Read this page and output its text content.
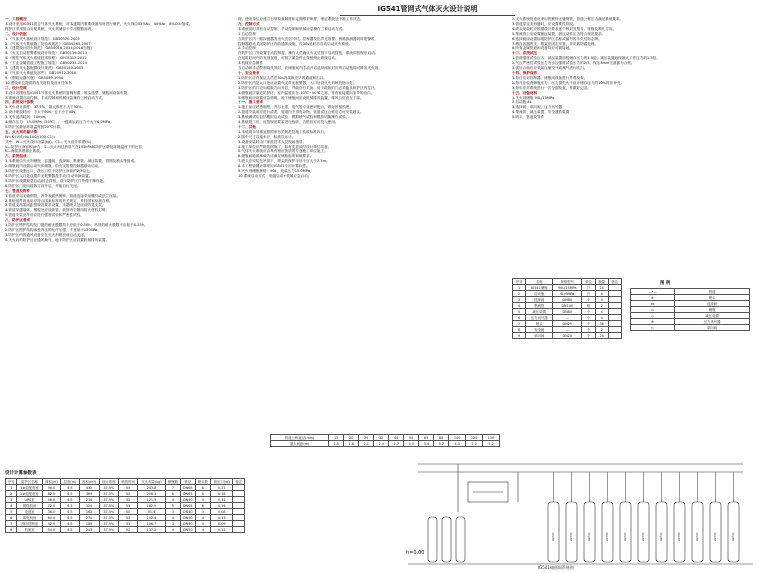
IG541管网式气体灭火设计说明
一、工程概况
本设计采用IG541混合气体灭火系统，对本建筑内重要设备用房进行保护。灭火剂由52%N₂、40%Ar、8%CO₂组成。
保护区采用组合分配系统，灭火剂储存于专用钢瓶间内。
二、设计依据
1.《气体灭火系统设计规范》 GB50370-2005
2.《气体灭火系统施工及验收规范》 GB50263-2007
3.《建筑设计防火规范》 GB50016-2014(2018年版)
4.《火灾自动报警系统设计规范》 GB50116-2013
5.《惰性气体灭火系统技术规程》 CECS312:2012
6.《工业金属管道工程施工规范》 GB50235-2010
7.《建筑灭火器配置设计规范》 GB50140-2005
8.《气体灭火系统及部件》 GB25972-2010
9.《钢质无缝气瓶》 GB5099-1994
10.建设单位提供的有关资料及设计任务书
三、设计范围
本设计范围包括IG541气体灭火系统的管网布置、喷头选型、储瓶间设备布置。
本系统设置自动控制、手动控制和机械应急操作三种启动方式。
四、系统设计参数
1.灭火设计浓度：37.5%；最大浓度不大于52%。
2.设计喷放时间：不大于60s，且不小于48s。
3.灭火浸渍时间：10min。
4.储存压力：15.0MPa（20℃）；一级减压后压力不大于6.0MPa。
5.防护区最低环境温度按20℃计算。
五、灭火剂用量计算
W=K·(V/S)·ln(100/(100-C1))
式中：W—灭火设计用量(kg)；C1—灭火设计浓度(%)；
V—防护区净容积(m³)；S—灭火剂过热蒸气在101kPa和防护区最低环境温度下的比容；
K—海拔高度修正系数。
六、系统组成
1.本系统由灭火剂储瓶、容器阀、选择阀、集流管、减压装置、管网及喷头等组成。
2.储瓶间内设置启动气体储瓶，由火灾报警控制器联动启动。
3.防护区设泄压口，泄压口位于防护区净高的2/3以上。
4.防护区入口处设置声光报警器及手动/自动转换装置。
5.防护区设置紧急启动/停止按钮，设于防护区门外便于操作处。
6.防护区门应向疏散方向开启，并能自行关闭。
七、管道及附件
1.管道采用无缝钢管，内外表面热镀锌；管道连接采用螺纹或法兰连接。
2.系统组件的选用应符合国家标准的有关规定，并经国家检测合格。
3.管道支吊架间距按规范要求设置，末端喷头处应设防晃支架。
4.管道穿越墙体、楼板处应设套管，套管内空隙用防火材料封堵。
5.管道安装完毕后应进行强度试验和严密性试验。
八、防护区要求
1.防护区围护结构及门窗的耐火极限均不应低于0.50h；吊顶的耐火极限不应低于0.25h。
2.防护区围护结构承受内压的允许压强，不宜低于1200Pa。
3.防护区内的通风设备应在灭火剂喷放前自动关闭。
4.灭火后的防护区应通风换气，地下防护区应设置机械排风装置。
理，使用单位应建立日常检查制度和定期维护制度，保证系统处于准工作状态。
九、控制方式
本系统同时具有自动控制、手动控制和机械应急操作三种启动方式。
1.自动控制
当防护区内一路探测器发出火灾信号时，控制器发出声光报警；两路探测器同时报警时，
控制器联动关闭防护区内的通风设施，经30s延时后自动启动灭火系统。
2.手动控制
在防护区门外设置手动控制盒，操作人员确认火灾后按下启动按钮，系统即按程序启动。
在延时时间内若发现误报，可按下紧急停止按钮终止系统启动。
3.机械应急操作
当自动和手动控制均失效时，在储瓶间内手动开启选择阀和对应的启动瓶即可释放灭火剂。
十、安全要求
1.防护区应有保证人员在30s内疏散完毕的通道和出口。
2.防护区内及入口处应设置火灾声光报警器，入口处设灭火剂喷放指示灯。
3.防护区的门应向疏散方向开启，并能自行关闭；用于疏散的门必须能从防护区内打开。
4.储瓶间应靠近防护区，室内温度应在-10℃~50℃之间，并有直接通向室外的出口。
5.储瓶间应设置应急照明，地下储瓶间应设机械排风装置，排风口应设在下部。
十一、施工要求
1.施工前应熟悉图纸，并与土建、电气等专业密切配合，做好预留预埋。
2.管道安装前应进行清洗，管道内不得有杂物；管道试压合格后方可安装喷头。
3.系统调试应包括模拟启动试验、模拟喷气试验和模拟切换操作试验。
4.系统竣工后，应按规范要求进行验收，合格后方可投入使用。
十二、其他
1.本说明未尽事宜按国家有关规范及施工验收标准执行。
2.图中尺寸以毫米计，标高以米计。
3.设备安装时由厂家派技术人员现场指导。
4.施工单位应严格按图施工，如有变更须经设计单位同意。
5.气体灭火系统应由具有相应资质的专业施工单位施工。
6.储瓶间地面承载力应满足储瓶组的荷载要求。
7.喷头应安装在吊顶下，喷头的保护半径不应大于7.5m。
8.本工程管网计算采用IG541专用计算软件。
9.灭火剂储瓶规格：90L，充装压力15.0MPa。
10.系统启动方式：电磁启动+机械应急启动。
2.灭火系统管道应采用热镀锌无缝钢管，管道公称压力满足系统要求。
3.管道穿过变形缝时，应设置柔性管段。
4.喷头安装时应根据设计要求逐个核对其型号、规格及喷孔方向。
5.集流管上应设置泄压装置，泄压动作压力符合规范要求。
6.选择阀应设置标明防护区名称或编号的永久性标志牌。
7.储存容器的支、框架应固定牢靠，并应做防腐处理。
8.所有金属管道和设备均应可靠接地。
十三、系统试压
1.管道强度试验压力：减压装置前按储存压力的1.5倍，减压装置后按最大工作压力的1.5倍。
2.气压严密性试验压力为水压强度试验压力的2/3，保压3min无泄漏为合格。
3.试压合格后应采用压缩空气或氮气进行吹扫。
十四、维护保养
1.每日应对控制器、储瓶间设备进行外观检查。
2.每月应检查储瓶压力，压力损失大于设计储存压力的10%时应补充。
3.每年应对系统进行一次全面检查，并做好记录。
十五、设备材料
1.灭火剂储瓶 90L/15MPa
2.启动瓶 4L
3.选择阀、单向阀、压力讯号器
4.集流管、减压装置、安全泄放装置
5.喷头、管道及管件
管道公称直径(mm)	15	20	25	32	40	50	65	80	100	125	150
最大间距(m)	1.5	1.8	2.1	2.4	2.7	3.0	3.4	3.7	4.3	5.0	5.2
序号	名称	规格型号	单位	数量	备注
1	IG541储瓶	90L/15MPa	只	24	
2	启动瓶	4L/6MPa	只	4	
3	选择阀	DN80	个	4	
4	集流管	DN100	根	2	
5	减压装置	DN80	个	4	
6	压力讯号器	—	个	4	
7	喷头	DN25	个	36	
8	安全阀	—	个	2	
9	单向阀	DN20	个	24	
图 例
—•—	管道
⊗	喷头
⋈	选择阀
▭	储瓶
◇	减压装置
⊕	压力讯号器
▷	单向阀
设计计算参数表
序号	防护区名称	面积(㎡)	层高(m)	容积(m³)	设计浓度	喷放时间	灭火剂量(kg)	储瓶数	管径	喷头数	泄压口(㎡)	备注
1	1#变配电室	96.0	4.5	432	37.5%	55	243.8	7	DN65	8	0.21	
2	2#变配电室	82.0	4.5	369	37.5%	55	208.3	6	DN65	6	0.18	
3	UPS室	48.0	4.5	216	37.5%	52	121.9	4	DN50	4	0.11	
4	网络机房	72.0	4.5	324	37.5%	55	182.9	5	DN65	6	0.16	
5	电池室	36.0	4.5	162	37.5%	50	91.4	3	DN40	3	0.08	
6	弱电机房	60.0	4.5	270	37.5%	53	152.4	4	DN50	4	0.13	
7	消防控制室	42.0	4.5	189	37.5%	51	106.7	3	DN40	4	0.09	
8	档案室	54.0	4.5	243	37.5%	52	137.2	4	DN50	4	0.12	
IG541	IG541	IG541	IG541	IG541	IG541	IG541	IG541	IG541	IG541	IG541
h=0.00
IG541储瓶间系统图
